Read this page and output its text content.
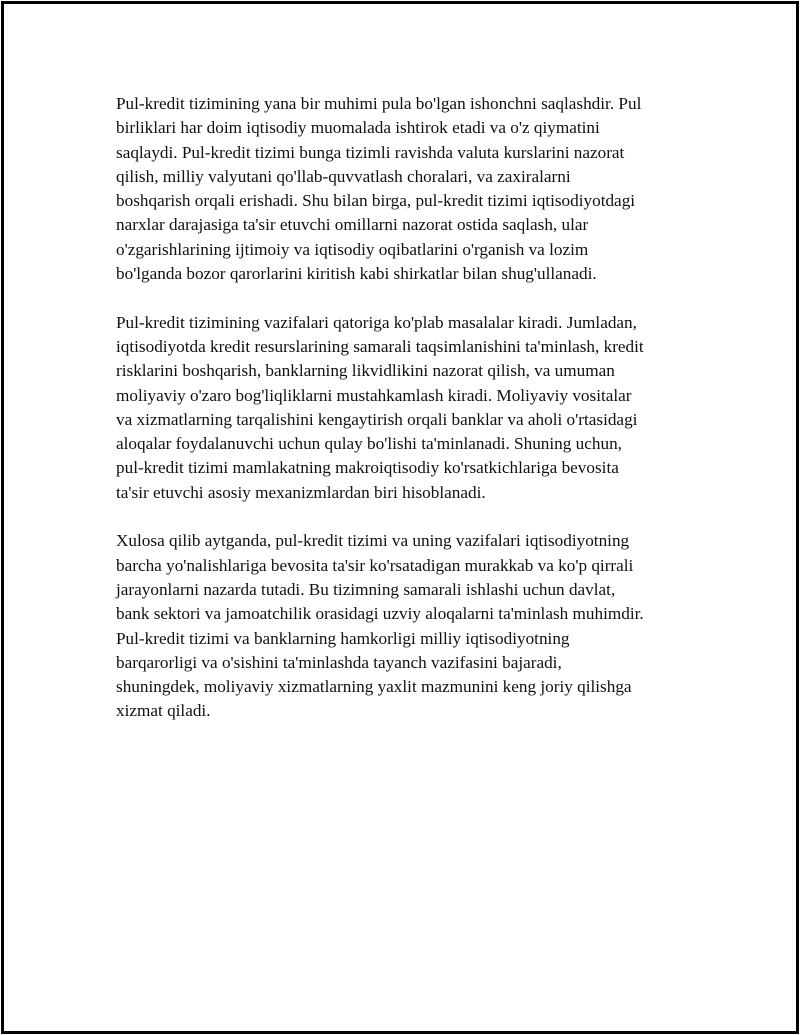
Pul-kredit tizimining yana bir muhimi pula bo'lgan ishonchni saqlashdir. Pul
birliklari har doim iqtisodiy muomalada ishtirok etadi va o'z qiymatini
saqlaydi. Pul-kredit tizimi bunga tizimli ravishda valuta kurslarini nazorat
qilish, milliy valyutani qo'llab-quvvatlash choralari, va zaxiralarni
boshqarish orqali erishadi. Shu bilan birga, pul-kredit tizimi iqtisodiyotdagi
narxlar darajasiga ta'sir etuvchi omillarni nazorat ostida saqlash, ular
o'zgarishlarining ijtimoiy va iqtisodiy oqibatlarini o'rganish va lozim
bo'lganda bozor qarorlarini kiritish kabi shirkatlar bilan shug'ullanadi.

Pul-kredit tizimining vazifalari qatoriga ko'plab masalalar kiradi. Jumladan,
iqtisodiyotda kredit resurslarining samarali taqsimlanishini ta'minlash, kredit
risklarini boshqarish, banklarning likvidlikini nazorat qilish, va umuman
moliyaviy o'zaro bog'liqliklarni mustahkamlash kiradi. Moliyaviy vositalar
va xizmatlarning tarqalishini kengaytirish orqali banklar va aholi o'rtasidagi
aloqalar foydalanuvchi uchun qulay bo'lishi ta'minlanadi. Shuning uchun,
pul-kredit tizimi mamlakatning makroiqtisodiy ko'rsatkichlariga bevosita
ta'sir etuvchi asosiy mexanizmlardan biri hisoblanadi.

Xulosa qilib aytganda, pul-kredit tizimi va uning vazifalari iqtisodiyotning
barcha yo'nalishlariga bevosita ta'sir ko'rsatadigan murakkab va ko'p qirrali
jarayonlarni nazarda tutadi. Bu tizimning samarali ishlashi uchun davlat,
bank sektori va jamoatchilik orasidagi uzviy aloqalarni ta'minlash muhimdir.
Pul-kredit tizimi va banklarning hamkorligi milliy iqtisodiyotning
barqarorligi va o'sishini ta'minlashda tayanch vazifasini bajaradi,
shuningdek, moliyaviy xizmatlarning yaxlit mazmunini keng joriy qilishga
xizmat qiladi.
